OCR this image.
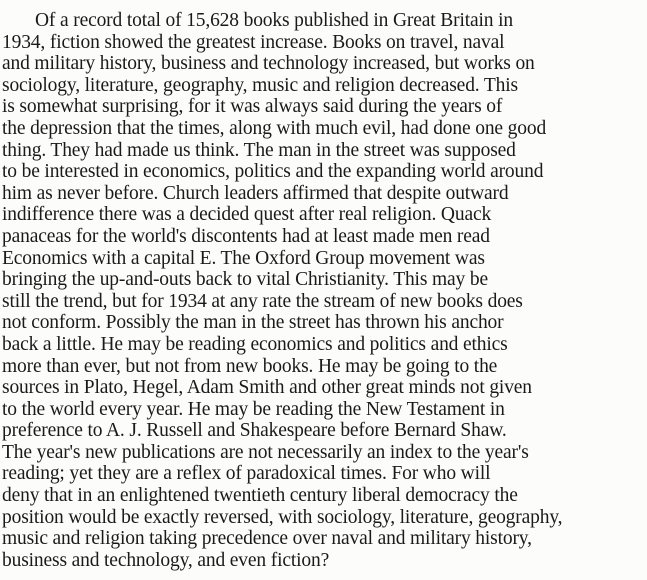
Of a record total of 15,628 books published in Great Britain in
1934, fiction showed the greatest increase. Books on travel, naval
and military history, business and technology increased, but works on
sociology, literature, geography, music and religion decreased. This
is somewhat surprising, for it was always said during the years of
the depression that the times, along with much evil, had done one good
thing. They had made us think. The man in the street was supposed
to be interested in economics, politics and the expanding world around
him as never before. Church leaders affirmed that despite outward
indifference there was a decided quest after real religion. Quack
panaceas for the world's discontents had at least made men read
Economics with a capital E. The Oxford Group movement was
bringing the up-and-outs back to vital Christianity. This may be
still the trend, but for 1934 at any rate the stream of new books does
not conform. Possibly the man in the street has thrown his anchor
back a little. He may be reading economics and politics and ethics
more than ever, but not from new books. He may be going to the
sources in Plato, Hegel, Adam Smith and other great minds not given
to the world every year. He may be reading the New Testament in
preference to A. J. Russell and Shakespeare before Bernard Shaw.
The year's new publications are not necessarily an index to the year's
reading; yet they are a reflex of paradoxical times. For who will
deny that in an enlightened twentieth century liberal democracy the
position would be exactly reversed, with sociology, literature, geography,
music and religion taking precedence over naval and military history,
business and technology, and even fiction?
